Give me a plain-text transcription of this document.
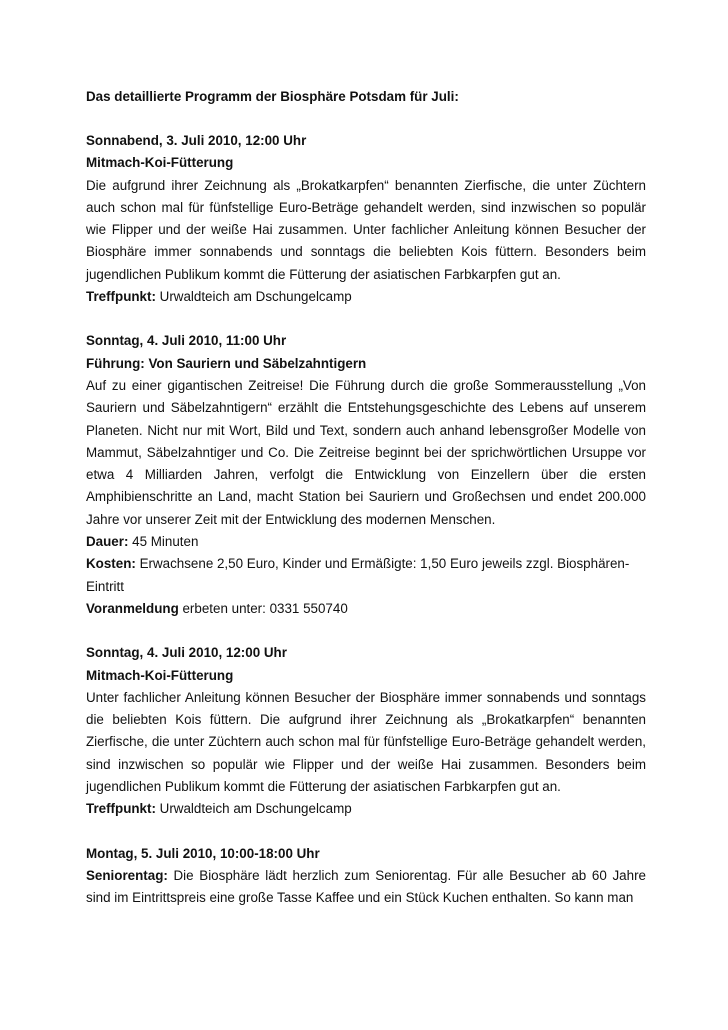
Das detaillierte Programm der Biosphäre Potsdam für Juli:

Sonnabend, 3. Juli 2010, 12:00 Uhr

Mitmach-Koi-Fütterung

Die aufgrund ihrer Zeichnung als „Brokatkarpfen“ benannten Zierfische, die unter Züchtern auch schon mal für fünfstellige Euro-Beträge gehandelt werden, sind inzwischen so populär wie Flipper und der weiße Hai zusammen. Unter fachlicher Anleitung können Besucher der Biosphäre immer sonnabends und sonntags die beliebten Kois füttern. Besonders beim jugendlichen Publikum kommt die Fütterung der asiatischen Farbkarpfen gut an.

Treffpunkt: Urwaldteich am Dschungelcamp

Sonntag, 4. Juli 2010, 11:00 Uhr

Führung: Von Sauriern und Säbelzahntigern

Auf zu einer gigantischen Zeitreise! Die Führung durch die große Sommerausstellung „Von Sauriern und Säbelzahntigern“ erzählt die Entstehungsgeschichte des Lebens auf unserem Planeten. Nicht nur mit Wort, Bild und Text, sondern auch anhand lebensgroßer Modelle von Mammut, Säbelzahntiger und Co. Die Zeitreise beginnt bei der sprichwörtlichen Ursuppe vor etwa 4 Milliarden Jahren, verfolgt die Entwicklung von Einzellern über die ersten Amphibienschritte an Land, macht Station bei Sauriern und Großechsen und endet 200.000 Jahre vor unserer Zeit mit der Entwicklung des modernen Menschen.

Dauer: 45 Minuten

Kosten: Erwachsene 2,50 Euro, Kinder und Ermäßigte: 1,50 Euro jeweils zzgl. Biosphären-Eintritt

Voranmeldung erbeten unter: 0331 550740

Sonntag, 4. Juli 2010, 12:00 Uhr

Mitmach-Koi-Fütterung

Unter fachlicher Anleitung können Besucher der Biosphäre immer sonnabends und sonntags die beliebten Kois füttern. Die aufgrund ihrer Zeichnung als „Brokatkarpfen“ benannten Zierfische, die unter Züchtern auch schon mal für fünfstellige Euro-Beträge gehandelt werden, sind inzwischen so populär wie Flipper und der weiße Hai zusammen. Besonders beim jugendlichen Publikum kommt die Fütterung der asiatischen Farbkarpfen gut an.

Treffpunkt: Urwaldteich am Dschungelcamp

Montag, 5. Juli 2010, 10:00-18:00 Uhr

Seniorentag: Die Biosphäre lädt herzlich zum Seniorentag. Für alle Besucher ab 60 Jahre sind im Eintrittspreis eine große Tasse Kaffee und ein Stück Kuchen enthalten. So kann man
